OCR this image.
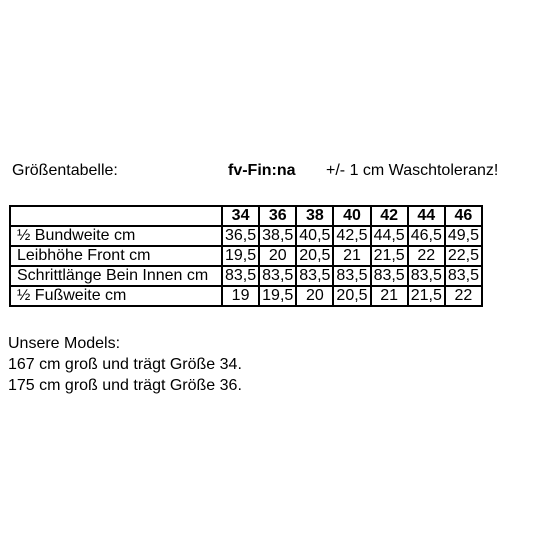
Größentabelle:	fv-Fin:na +/- 1 cm Waschtoleranz!
	34	36	38	40	42	44	46
½ Bundweite cm	36,5	38,5	40,5	42,5	44,5	46,5	49,5
Leibhöhe Front cm	19,5	20	20,5	21	21,5	22	22,5
Schrittlänge Bein Innen cm	83,5	83,5	83,5	83,5	83,5	83,5	83,5
½ Fußweite cm	19	19,5	20	20,5	21	21,5	22
Unsere Models:
167 cm groß und trägt Größe 34.
175 cm groß und trägt Größe 36.
